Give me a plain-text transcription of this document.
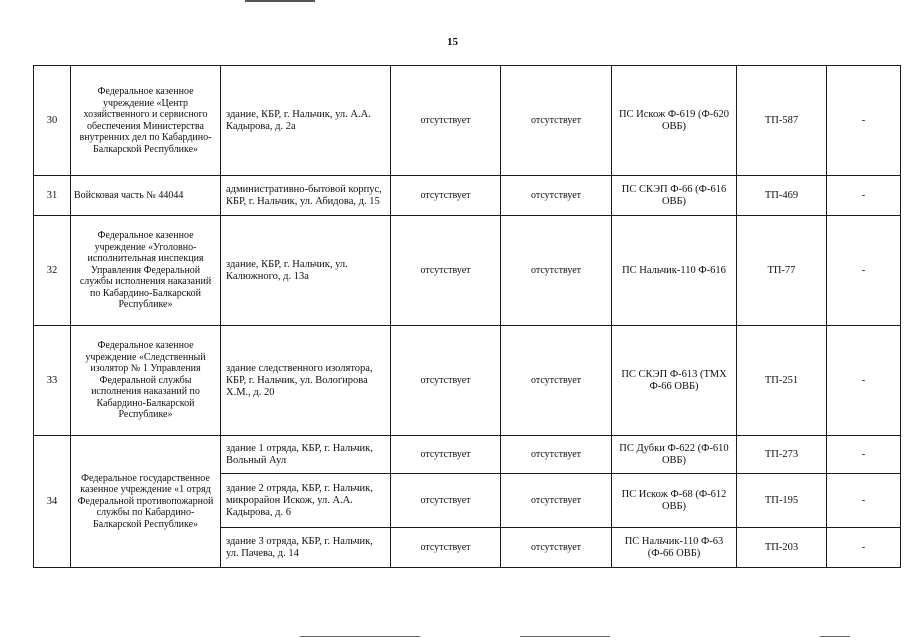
15
30	Федеральное казенное учреждение «Центр хозяйственного и сервисного обеспечения Министерства внутренних дел по Кабардино-Балкарской Республике»	здание, КБР, г. Нальчик, ул. А.А. Кадырова, д. 2а	отсутствует	отсутствует	ПС Искож Ф-619 (Ф-620 ОВБ)	ТП-587	-
31	Войсковая часть № 44044	административно-бытовой корпус, КБР, г. Нальчик, ул. Абидова, д. 15	отсутствует	отсутствует	ПС СКЭП Ф-66 (Ф-616 ОВБ)	ТП-469	-
32	Федеральное казенное учреждение «Уголовно-исполнительная инспекция Управления Федеральной службы исполнения наказаний по Кабардино-Балкарской Республике»	здание, КБР, г. Нальчик, ул. Калюжного, д. 13а	отсутствует	отсутствует	ПС Нальчик-110 Ф-616	ТП-77	-
33	Федеральное казенное учреждение «Следственный изолятор № 1 Управления Федеральной службы исполнения наказаний по Кабардино-Балкарской Республике»	здание следственного изолятора, КБР, г. Нальчик, ул. Вологирова Х.М., д. 20	отсутствует	отсутствует	ПС СКЭП Ф-613 (ТМХ Ф-66 ОВБ)	ТП-251	-
34	Федеральное государственное казенное учреждение «1 отряд Федеральной противопожарной службы по Кабардино-Балкарской Республике»	здание 1 отряда, КБР, г. Нальчик, Вольный Аул	отсутствует	отсутствует	ПС Дубки Ф-622 (Ф-610 ОВБ)	ТП-273	-
		здание 2 отряда, КБР, г. Нальчик, микрорайон Искож, ул. А.А. Кадырова, д. 6	отсутствует	отсутствует	ПС Искож Ф-68 (Ф-612 ОВБ)	ТП-195	-
		здание 3 отряда, КБР, г. Нальчик, ул. Пачева, д. 14	отсутствует	отсутствует	ПС Нальчик-110 Ф-63 (Ф-66 ОВБ)	ТП-203	-
